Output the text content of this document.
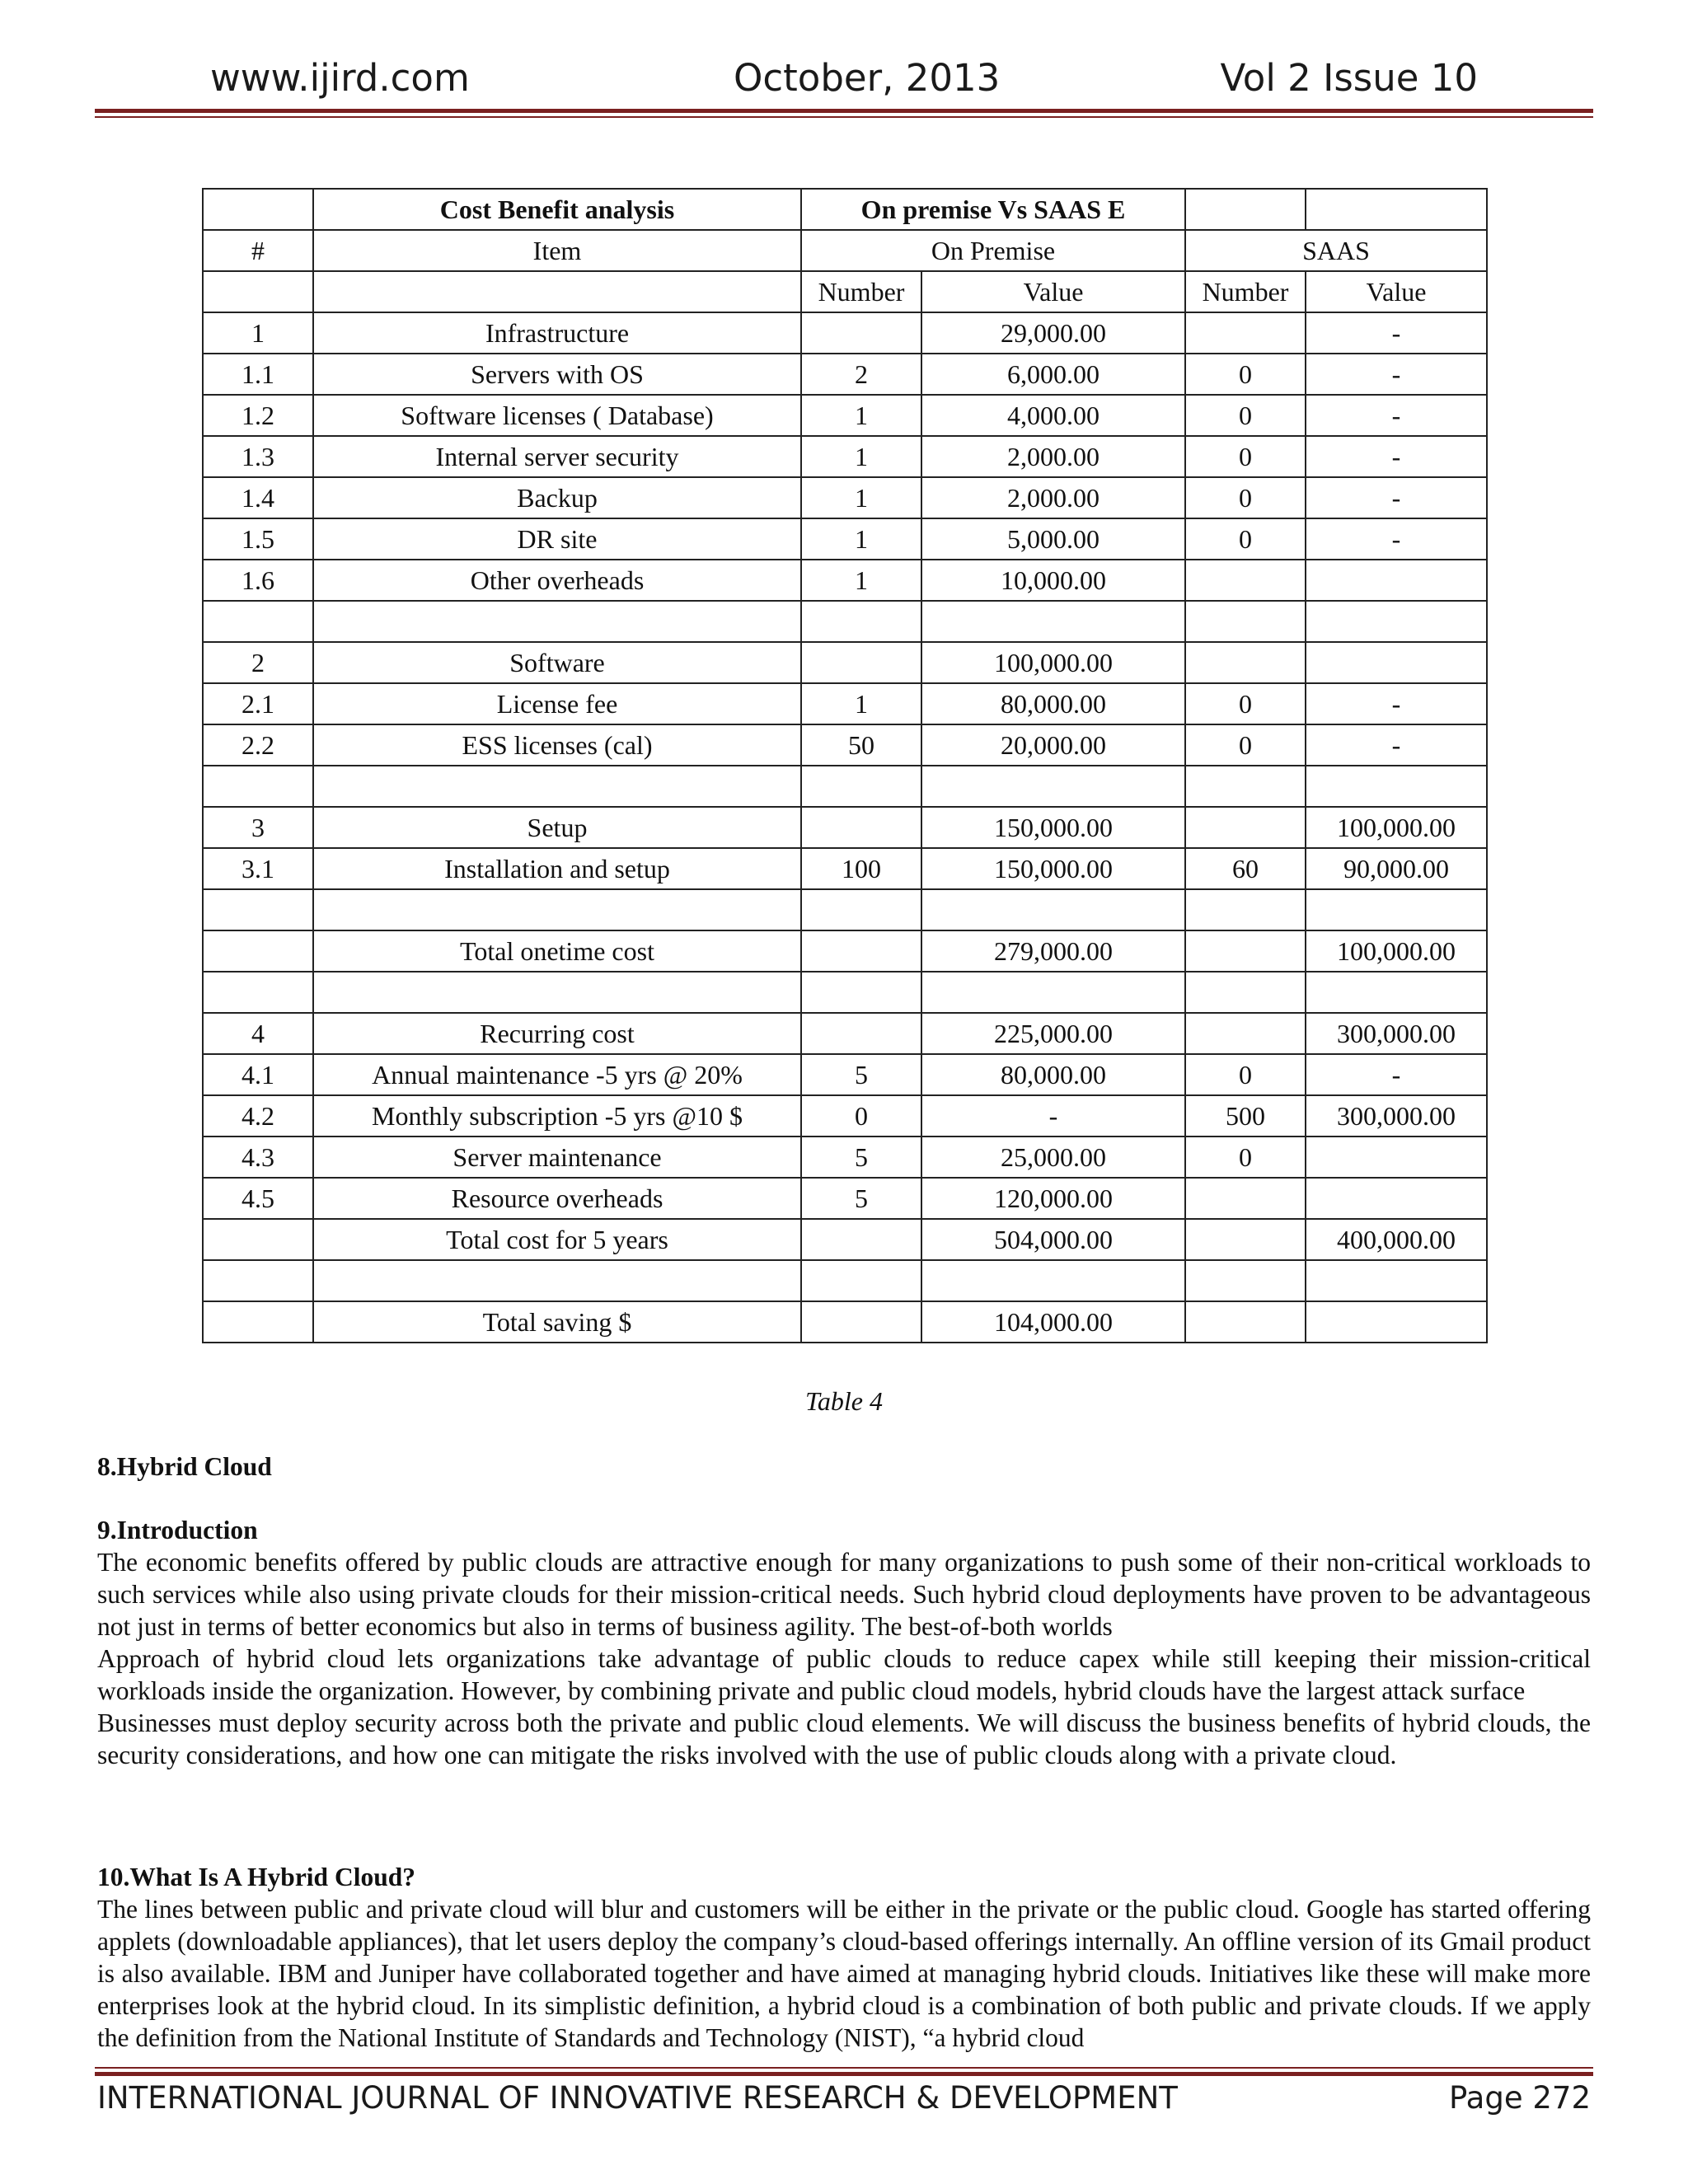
www.ijird.com	October, 2013	Vol 2 Issue 10
	Cost Benefit analysis	On premise Vs SAAS E			
#	Item	On Premise		SAAS	
		Number	Value	Number	Value
1	Infrastructure		29,000.00		-
1.1	Servers with OS	2	6,000.00	0	-
1.2	Software licenses ( Database)	1	4,000.00	0	-
1.3	Internal server security	1	2,000.00	0	-
1.4	Backup	1	2,000.00	0	-
1.5	DR site	1	5,000.00	0	-
1.6	Other overheads	1	10,000.00		

2	Software		100,000.00		
2.1	License fee	1	80,000.00	0	-
2.2	ESS licenses (cal)	50	20,000.00	0	-

3	Setup		150,000.00		100,000.00
3.1	Installation and setup	100	150,000.00	60	90,000.00

	Total onetime cost		279,000.00		100,000.00

4	Recurring cost		225,000.00		300,000.00
4.1	Annual maintenance -5 yrs @ 20%	5	80,000.00	0	-
4.2	Monthly subscription -5 yrs @10 $	0	-	500	300,000.00
4.3	Server maintenance	5	25,000.00	0	
4.5	Resource overheads	5	120,000.00		
	Total cost for 5 years		504,000.00		400,000.00

	Total saving $		104,000.00		
Table 4
8.Hybrid Cloud
9.Introduction

The economic benefits offered by public clouds are attractive enough for many organizations to push some of their non-critical workloads to such services while also using private clouds for their mission-critical needs. Such hybrid cloud deployments have proven to be advantageous not just in terms of better economics but also in terms of business agility. The best-of-both worlds

Approach of hybrid cloud lets organizations take advantage of public clouds to reduce capex while still keeping their mission-critical workloads inside the organization. However, by combining private and public cloud models, hybrid clouds have the largest attack surface

Businesses must deploy security across both the private and public cloud elements. We will discuss the business benefits of hybrid clouds, the security considerations, and how one can mitigate the risks involved with the use of public clouds along with a private cloud.

10.What Is A Hybrid Cloud?

The lines between public and private cloud will blur and customers will be either in the private or the public cloud. Google has started offering applets (downloadable appliances), that let users deploy the company’s cloud-based offerings internally. An offline version of its Gmail product is also available. IBM and Juniper have collaborated together and have aimed at managing hybrid clouds. Initiatives like these will make more enterprises look at the hybrid cloud. In its simplistic definition, a hybrid cloud is a combination of both public and private clouds. If we apply the definition from the National Institute of Standards and Technology (NIST), “a hybrid cloud

INTERNATIONAL JOURNAL OF INNOVATIVE RESEARCH & DEVELOPMENT	Page 272
